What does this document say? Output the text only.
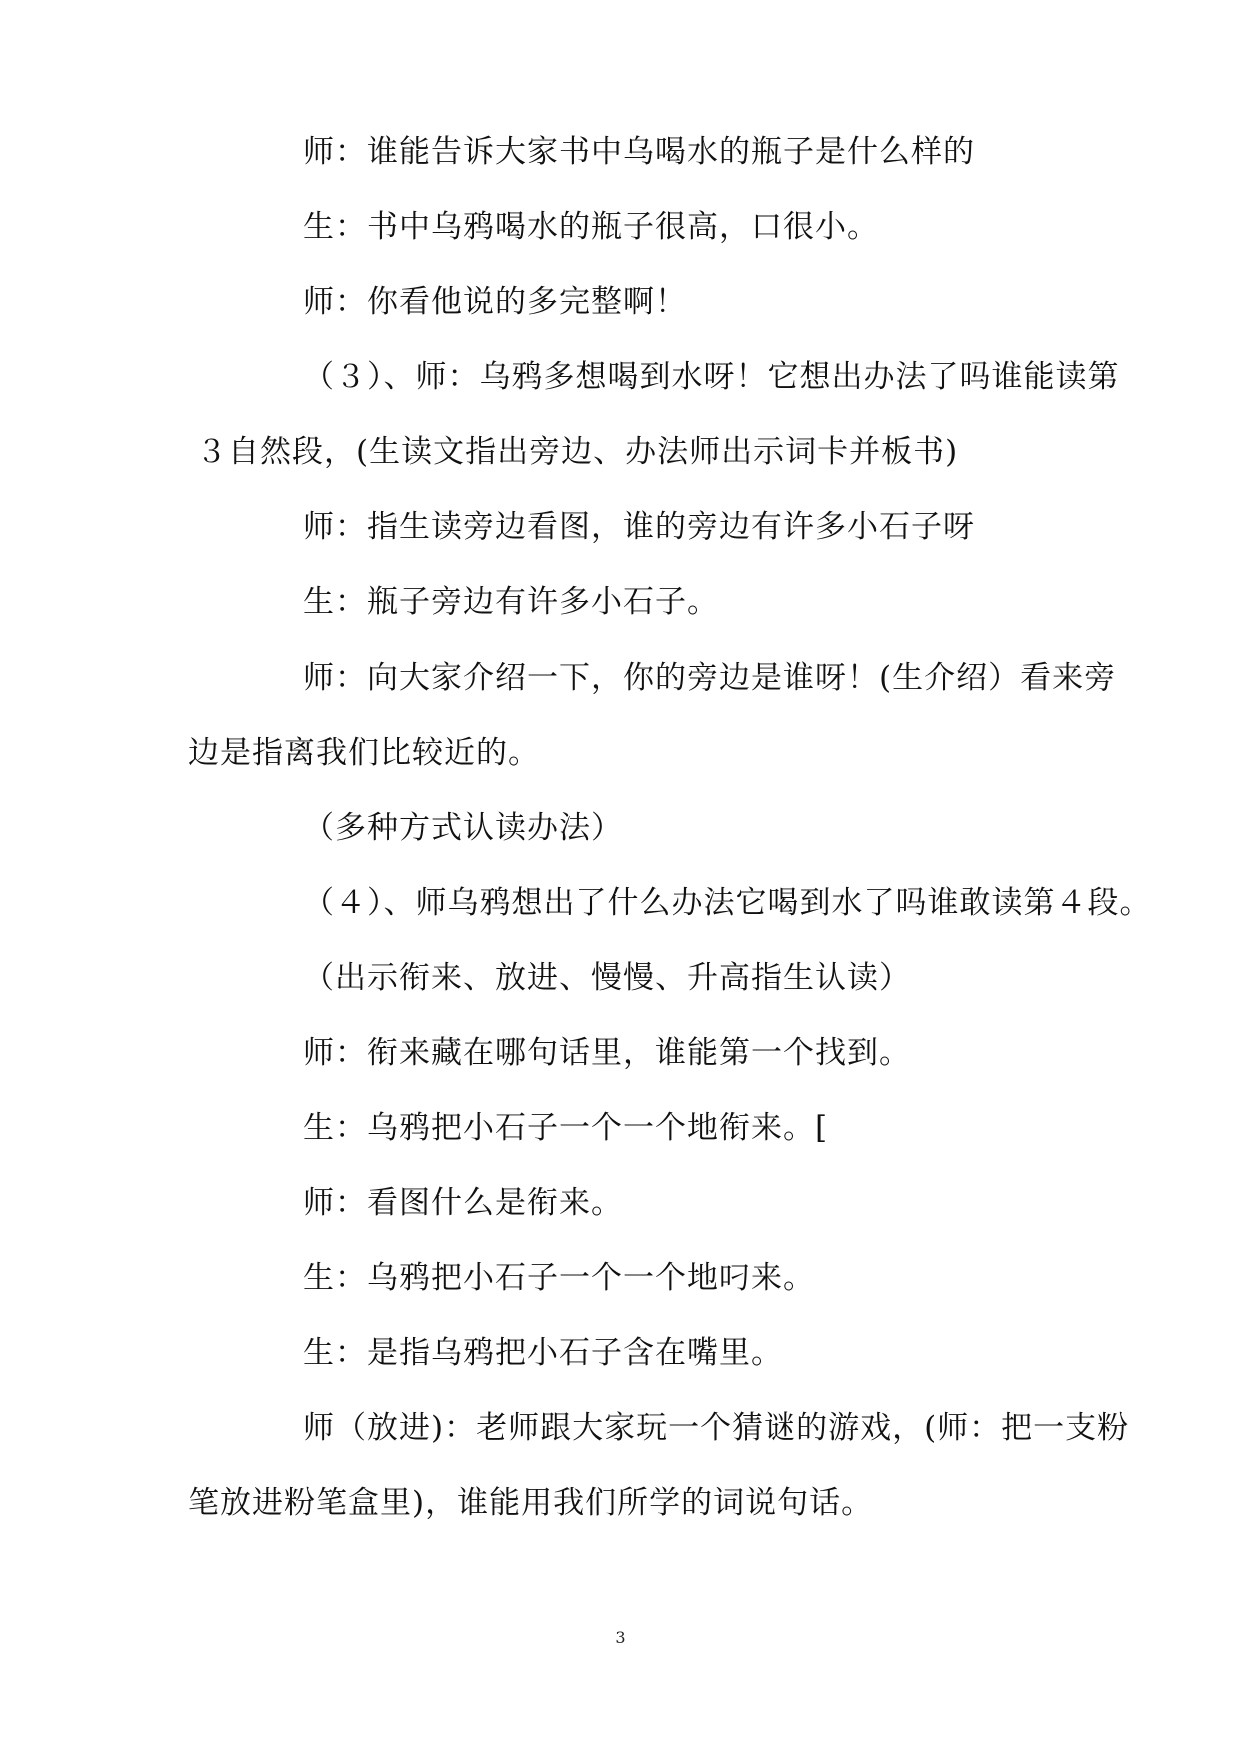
师：谁能告诉大家书中乌喝水的瓶子是什么样的
生：书中乌鸦喝水的瓶子很高，口很小。
师：你看他说的多完整啊！
（３）、师：乌鸦多想喝到水呀！它想出办法了吗谁能读第
３自然段，(生读文指出旁边、办法师出示词卡并板书)
师：指生读旁边看图，谁的旁边有许多小石子呀
生：瓶子旁边有许多小石子。
师：向大家介绍一下，你的旁边是谁呀！(生介绍）看来旁
边是指离我们比较近的。
（多种方式认读办法）
（４）、师乌鸦想出了什么办法它喝到水了吗谁敢读第４段。
（出示衔来、放进、慢慢、升高指生认读）
师：衔来藏在哪句话里，谁能第一个找到。
生：乌鸦把小石子一个一个地衔来。[
师：看图什么是衔来。
生：乌鸦把小石子一个一个地叼来。
生：是指乌鸦把小石子含在嘴里。
师（放进)：老师跟大家玩一个猜谜的游戏，(师：把一支粉
笔放进粉笔盒里)，谁能用我们所学的词说句话。
3
